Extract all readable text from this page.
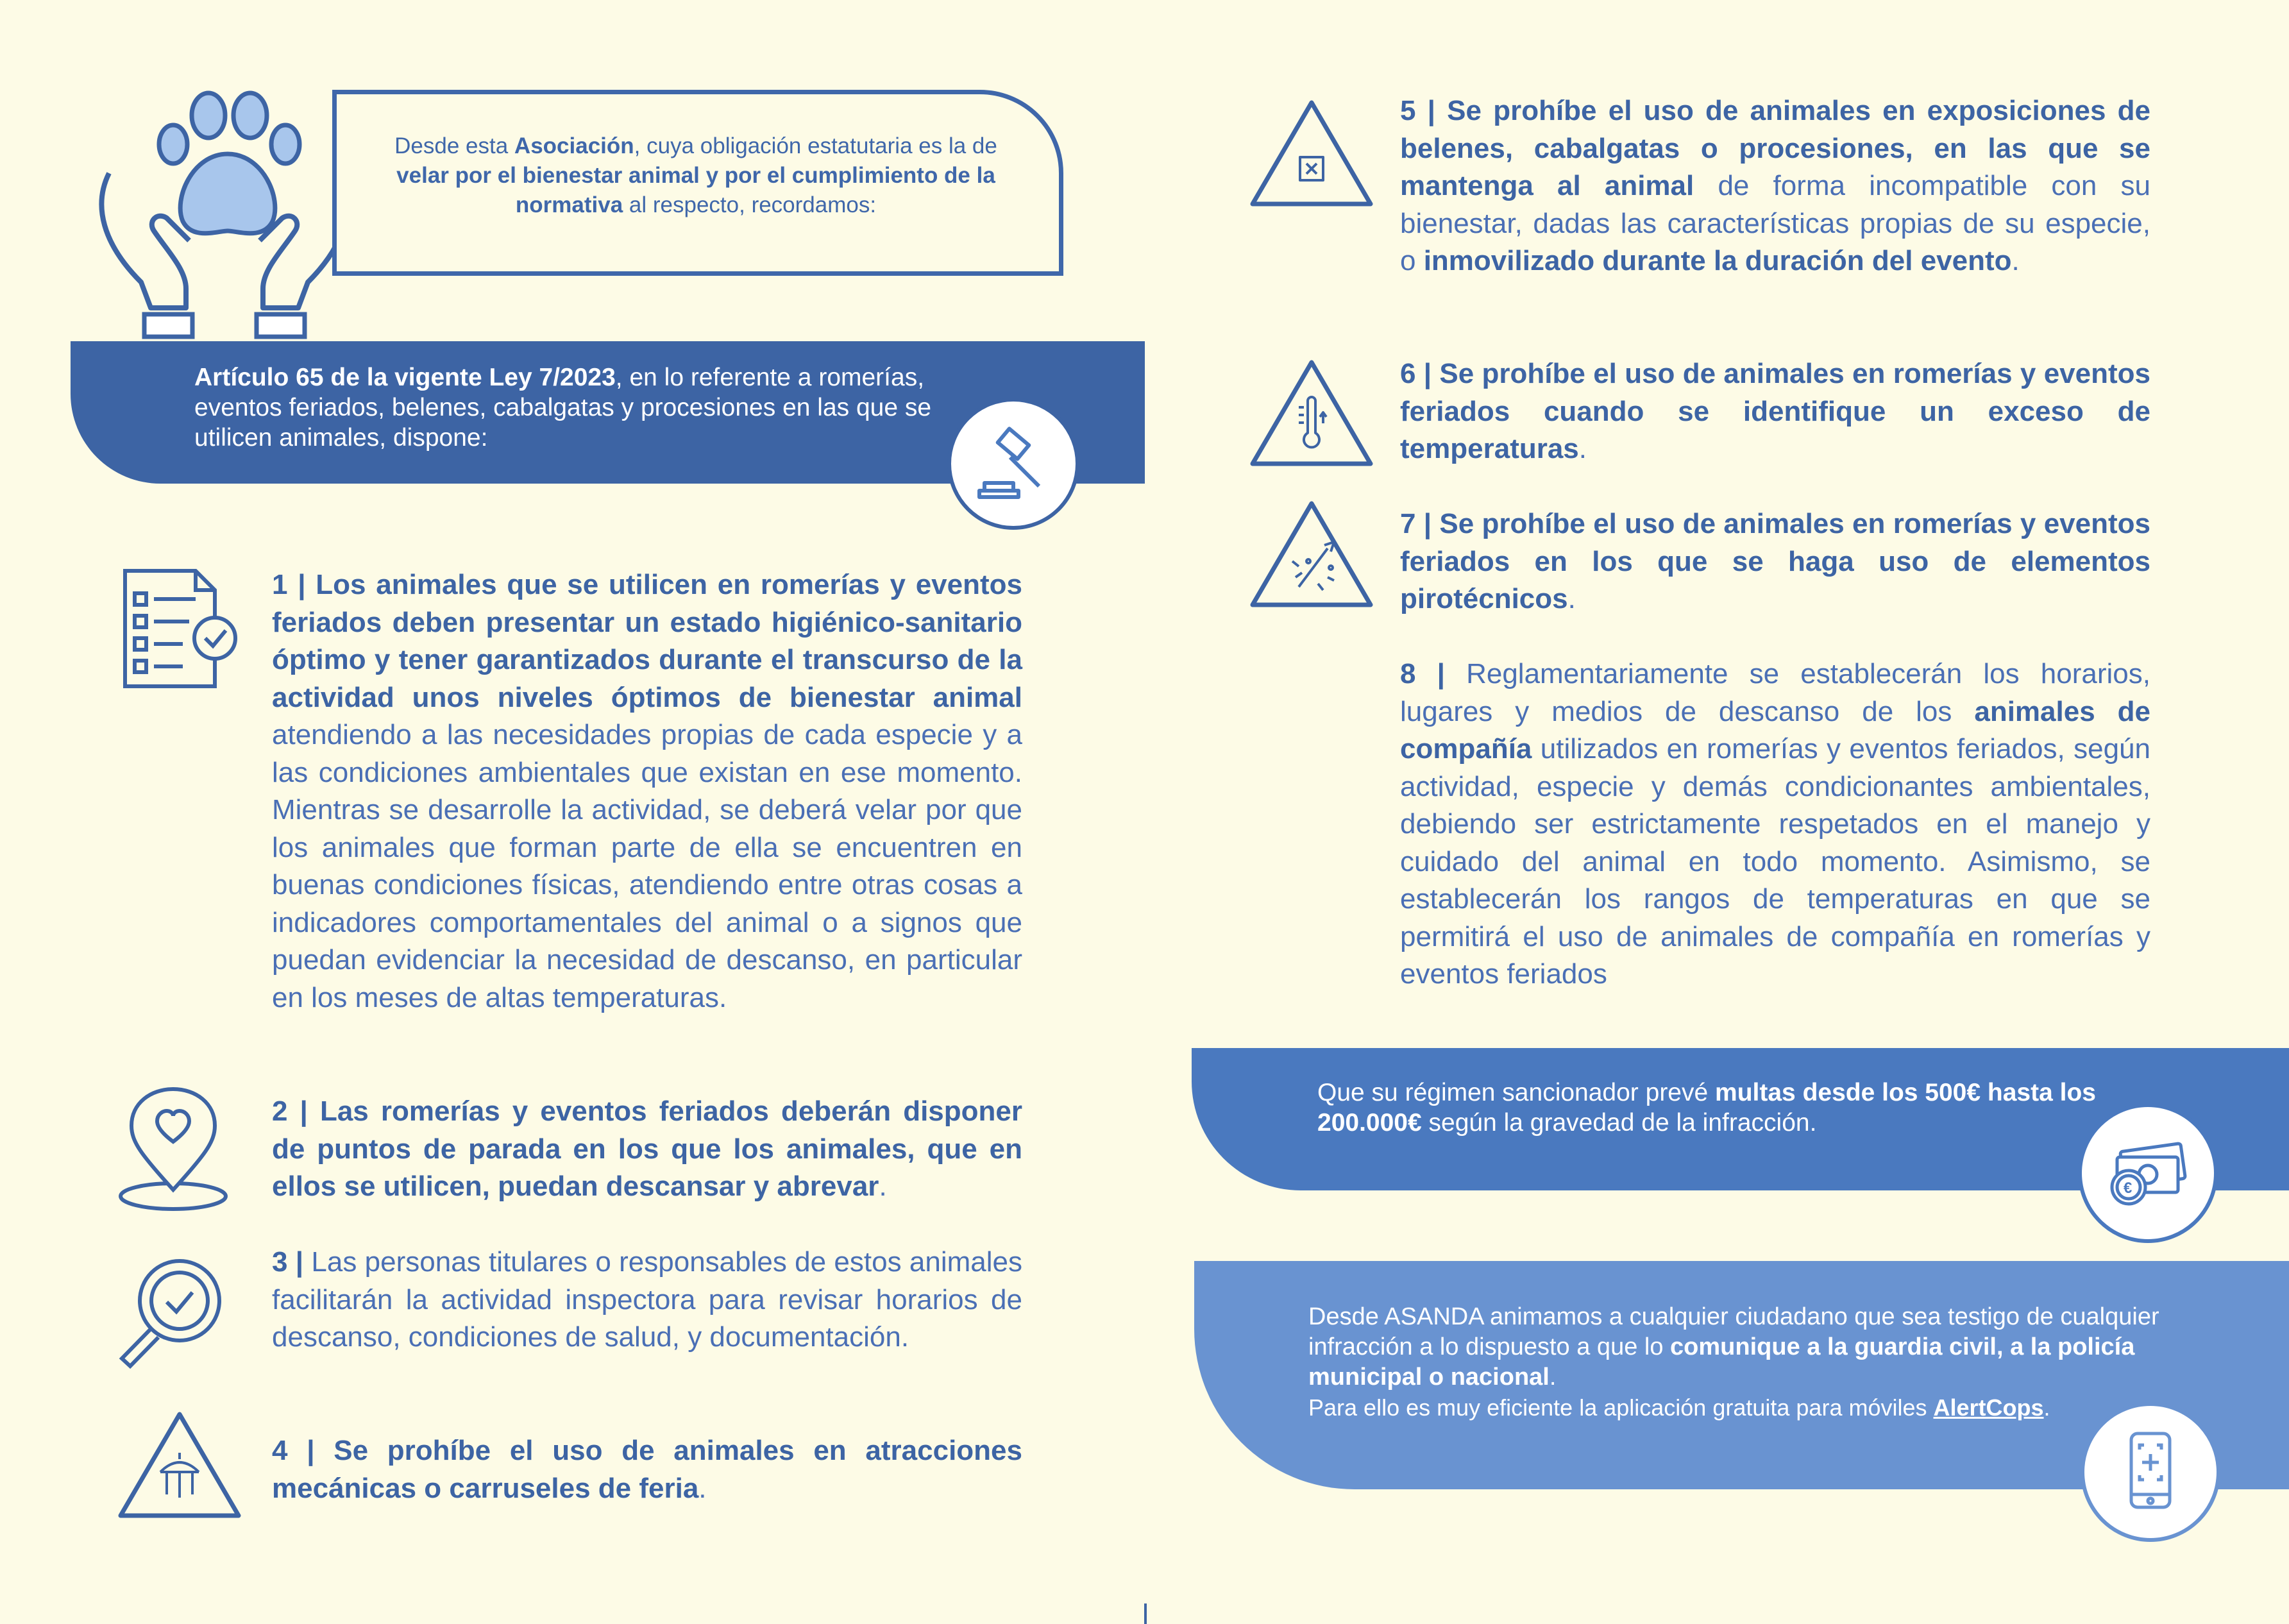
Desde esta Asociación, cuya obligación estatutaria es la de velar por el bienestar animal y por el cumplimiento de la normativa al respecto, recordamos:
Artículo 65 de la vigente Ley 7/2023, en lo referente a romerías, eventos feriados, belenes, cabalgatas y procesiones en las que se utilicen animales, dispone:
1 | Los animales que se utilicen en romerías y eventos feriados deben presentar un estado higiénico-sanitario óptimo y tener garantizados durante el transcurso de la actividad unos niveles óptimos de bienestar animal atendiendo a las necesidades propias de cada especie y a las condiciones ambientales que existan en ese momento. Mientras se desarrolle la actividad, se deberá velar por que los animales que forman parte de ella se encuentren en buenas condiciones físicas, atendiendo entre otras cosas a indicadores comportamentales del animal o a signos que puedan evidenciar la necesidad de descanso, en particular en los meses de altas temperaturas.
2 | Las romerías y eventos feriados deberán disponer de puntos de parada en los que los animales, que en ellos se utilicen, puedan descansar y abrevar.
3 | Las personas titulares o responsables de estos animales facilitarán la actividad inspectora para revisar horarios de descanso, condiciones de salud, y documentación.
4 | Se prohíbe el uso de animales en atracciones mecánicas o carruseles de feria.
5 | Se prohíbe el uso de animales en exposiciones de belenes, cabalgatas o procesiones, en las que se mantenga al animal de forma incompatible con su bienestar, dadas las características propias de su especie, o inmovilizado durante la duración del evento.
6 | Se prohíbe el uso de animales en romerías y eventos feriados cuando se identifique un exceso de temperaturas.
7 | Se prohíbe el uso de animales en romerías y eventos feriados en los que se haga uso de elementos pirotécnicos.
8 | Reglamentariamente se establecerán los horarios, lugares y medios de descanso de los animales de compañía utilizados en romerías y eventos feriados, según actividad, especie y demás condicionantes ambientales, debiendo ser estrictamente respetados en el manejo y cuidado del animal en todo momento. Asimismo, se establecerán los rangos de temperaturas en que se permitirá el uso de animales de compañía en romerías y eventos feriados
Que su régimen sancionador prevé multas desde los 500€ hasta los 200.000€ según la gravedad de la infracción.
€
Desde ASANDA animamos a cualquier ciudadano que sea testigo de cualquier infracción a lo dispuesto a que lo comunique a la guardia civil, a la policía municipal o nacional.
Para ello es muy eficiente la aplicación gratuita para móviles AlertCops.
